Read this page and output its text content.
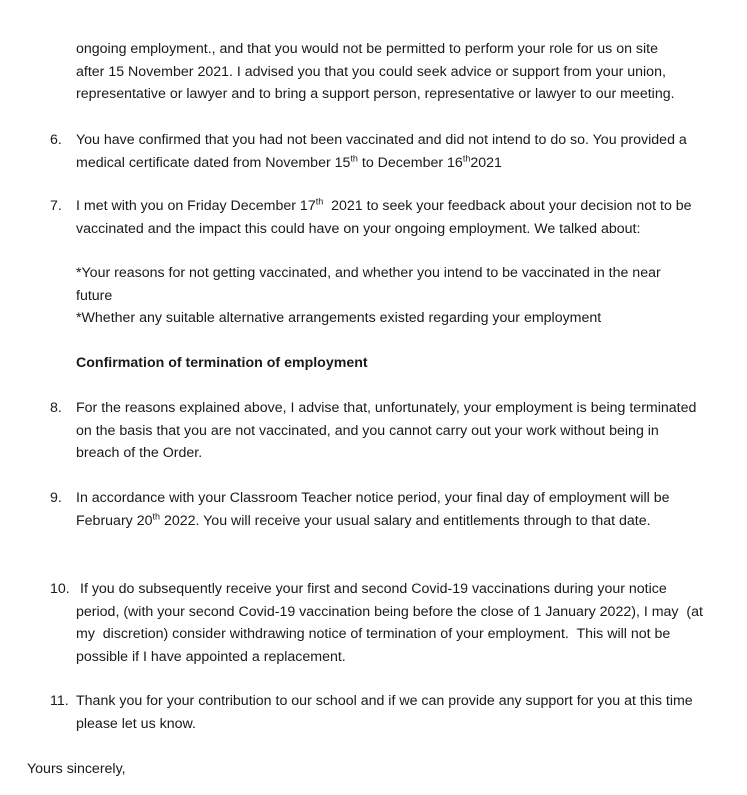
ongoing employment., and that you would not be permitted to perform your role for us on site
after 15 November 2021. I advised you that you could seek advice or support from your union,
representative or lawyer and to bring a support person, representative or lawyer to our meeting.
6. You have confirmed that you had not been vaccinated and did not intend to do so. You provided a
medical certificate dated from November 15th to December 16th2021
7. I met with you on Friday December 17th  2021 to seek your feedback about your decision not to be
vaccinated and the impact this could have on your ongoing employment. We talked about:
*Your reasons for not getting vaccinated, and whether you intend to be vaccinated in the near
future
*Whether any suitable alternative arrangements existed regarding your employment
Confirmation of termination of employment
8. For the reasons explained above, I advise that, unfortunately, your employment is being terminated
on the basis that you are not vaccinated, and you cannot carry out your work without being in
breach of the Order.
9. In accordance with your Classroom Teacher notice period, your final day of employment will be
February 20th 2022. You will receive your usual salary and entitlements through to that date.
10. If you do subsequently receive your first and second Covid-19 vaccinations during your notice
period, (with your second Covid-19 vaccination being before the close of 1 January 2022), I may  (at
my  discretion) consider withdrawing notice of termination of your employment.  This will not be
possible if I have appointed a replacement.
11. Thank you for your contribution to our school and if we can provide any support for you at this time
please let us know.
Yours sincerely,
